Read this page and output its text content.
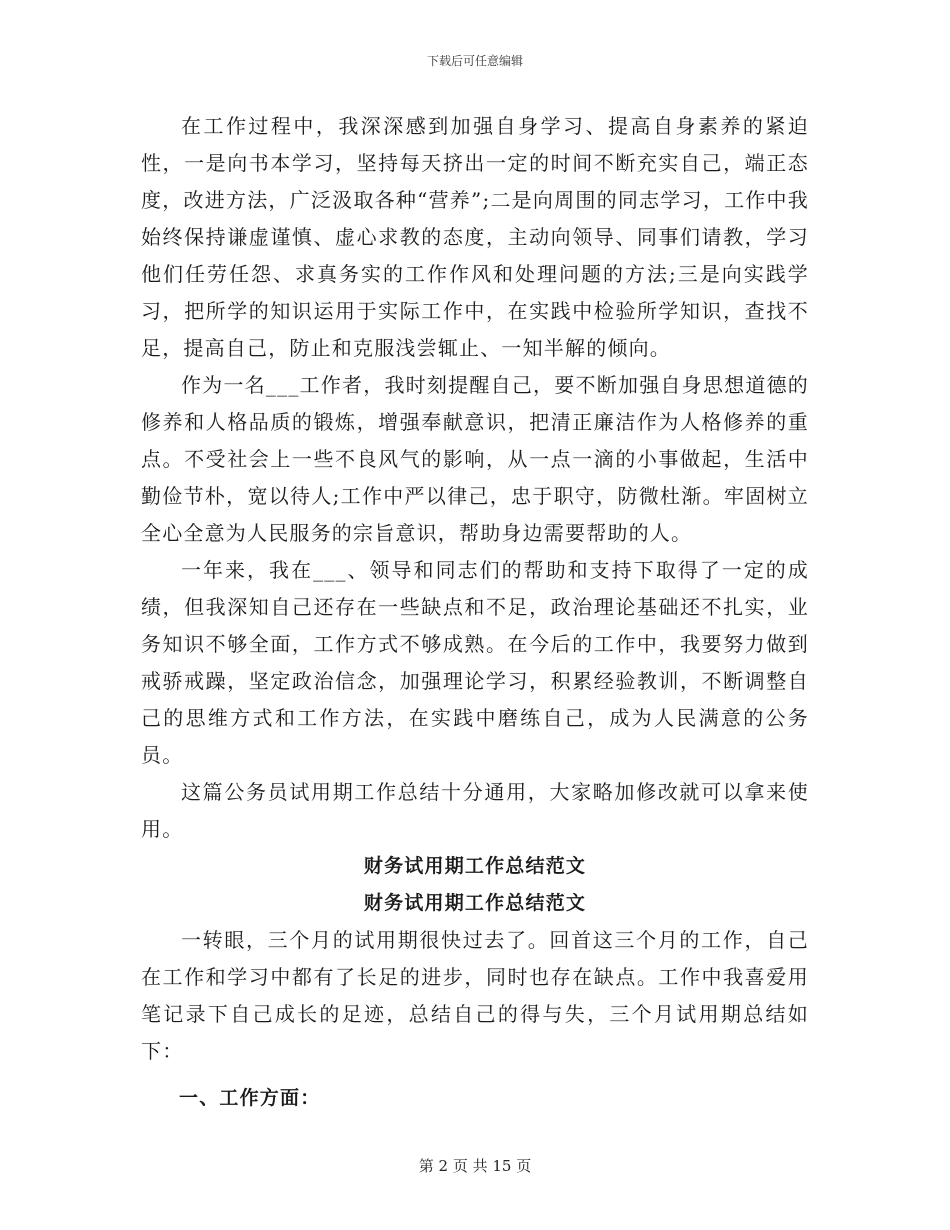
下载后可任意编辑

在工作过程中，我深深感到加强自身学习、提高自身素养的紧迫性，一是向书本学习，坚持每天挤出一定的时间不断充实自己，端正态度，改进方法，广泛汲取各种“营养”;二是向周围的同志学习，工作中我始终保持谦虚谨慎、虚心求教的态度，主动向领导、同事们请教，学习他们任劳任怨、求真务实的工作作风和处理问题的方法;三是向实践学习，把所学的知识运用于实际工作中，在实践中检验所学知识，查找不足，提高自己，防止和克服浅尝辄止、一知半解的倾向。

作为一名___工作者，我时刻提醒自己，要不断加强自身思想道德的修养和人格品质的锻炼，增强奉献意识，把清正廉洁作为人格修养的重点。不受社会上一些不良风气的影响，从一点一滴的小事做起，生活中勤俭节朴，宽以待人;工作中严以律己，忠于职守，防微杜渐。牢固树立全心全意为人民服务的宗旨意识，帮助身边需要帮助的人。

一年来，我在___、领导和同志们的帮助和支持下取得了一定的成绩，但我深知自己还存在一些缺点和不足，政治理论基础还不扎实，业务知识不够全面，工作方式不够成熟。在今后的工作中，我要努力做到戒骄戒躁，坚定政治信念，加强理论学习，积累经验教训，不断调整自己的思维方式和工作方法，在实践中磨练自己，成为人民满意的公务员。

这篇公务员试用期工作总结十分通用，大家略加修改就可以拿来使用。

财务试用期工作总结范文

财务试用期工作总结范文

一转眼，三个月的试用期很快过去了。回首这三个月的工作，自己在工作和学习中都有了长足的进步，同时也存在缺点。工作中我喜爱用笔记录下自己成长的足迹，总结自己的得与失，三个月试用期总结如下：

一、工作方面：

第 2 页 共 15 页
